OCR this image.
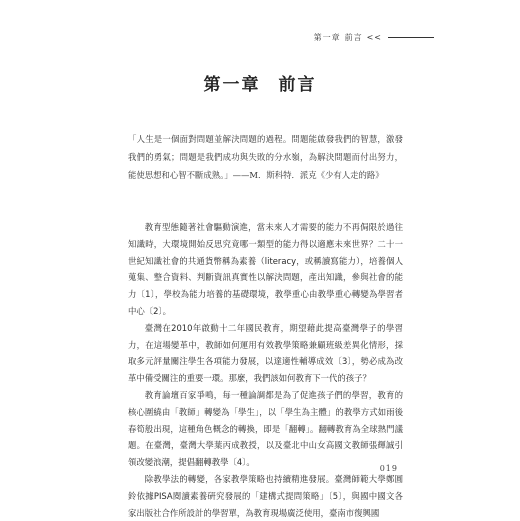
第一章 前言 <<
第一章 前言
「人生是一個面對問題並解決問題的過程。問題能啟發我們的智慧，激發我們的勇氣；問題是我們成功與失敗的分水嶺，為解決問題而付出努力，能使思想和心智不斷成熟。」——M．斯科特．派克《少有人走的路》

教育型態隨著社會驅動演進，當未來人才需要的能力不再侷限於過往知識時，大環境開始反思究竟哪一類型的能力得以適應未來世界？二十一世紀知識社會的共通貨幣稱為素養（literacy，或稱讀寫能力），培養個人蒐集、整合資料、判斷資訊真實性以解決問題，產出知識，參與社會的能力〔1〕，學校為能力培養的基礎環境，教學重心由教學重心轉變為學習者中心〔2〕。

臺灣在2010年啟動十二年國民教育，期望藉此提高臺灣學子的學習力，在這場變革中，教師如何運用有效教學策略兼顧班級差異化情形，採取多元評量關注學生各項能力發展，以達適性輔導成效〔3〕，勢必成為改革中備受關注的重要一環。那麼，我們該如何教育下一代的孩子？

教育論壇百家爭鳴，每一種論調都是為了促進孩子們的學習，教育的核心圍繞由「教師」轉變為「學生」，以「學生為主體」的教學方式如雨後春筍般出現，這種角色概念的轉換，即是「翻轉」。翻轉教育為全球熱門議題。在臺灣，臺灣大學葉丙成教授，以及臺北中山女高國文教師張輝誠引領改變浪潮，提倡翻轉教學〔4〕。

除教學法的轉變，各家教學策略也持續精進發展。臺灣師範大學鄭圓鈴依據PISA閱讀素養硏究發展的「建構式提問策略」〔5〕，與國中國文各家出版社合作所設計的學習單，為教育現場廣泛使用，臺南市復興國

019
